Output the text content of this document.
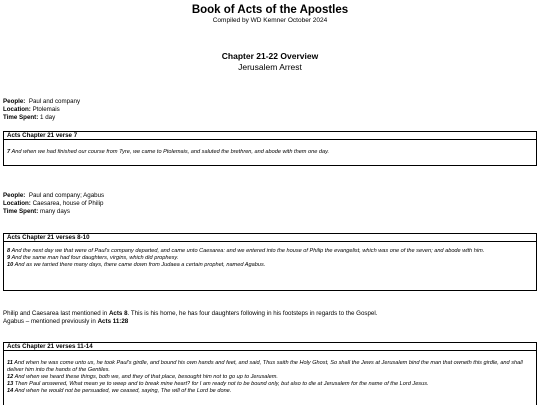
Book of Acts of the Apostles
Compiled by WD Kemner October 2024
Chapter 21-22 Overview
Jerusalem Arrest
People: Paul and company
Location: Ptolemais
Time Spent: 1 day
Acts Chapter 21 verse 7
7 And when we had finished our course from Tyre, we came to Ptolemais, and saluted the brethren, and abode with them one day.
People: Paul and company; Agabus
Location: Caesarea, house of Philip
Time Spent: many days
Acts Chapter 21 verses 8-10
8 And the next day we that were of Paul's company departed, and came unto Caesarea: and we entered into the house of Philip the evangelist, which was one of the seven; and abode with him.
9 And the same man had four daughters, virgins, which did prophesy.
10 And as we tarried there many days, there came down from Judaea a certain prophet, named Agabus.
Philip and Caesarea last mentioned in Acts 8. This is his home, he has four daughters following in his footsteps in regards to the Gospel.
Agabus – mentioned previously in Acts 11:28
Acts Chapter 21 verses 11-14
11 And when he was come unto us, he took Paul's girdle, and bound his own hands and feet, and said, Thus saith the Holy Ghost, So shall the Jews at Jerusalem bind the man that owneth this girdle, and shall deliver him into the hands of the Gentiles.
12 And when we heard these things, both we, and they of that place, besought him not to go up to Jerusalem.
13 Then Paul answered, What mean ye to weep and to break mine heart? for I am ready not to be bound only, but also to die at Jerusalem for the name of the Lord Jesus.
14 And when he would not be persuaded, we ceased, saying, The will of the Lord be done.
